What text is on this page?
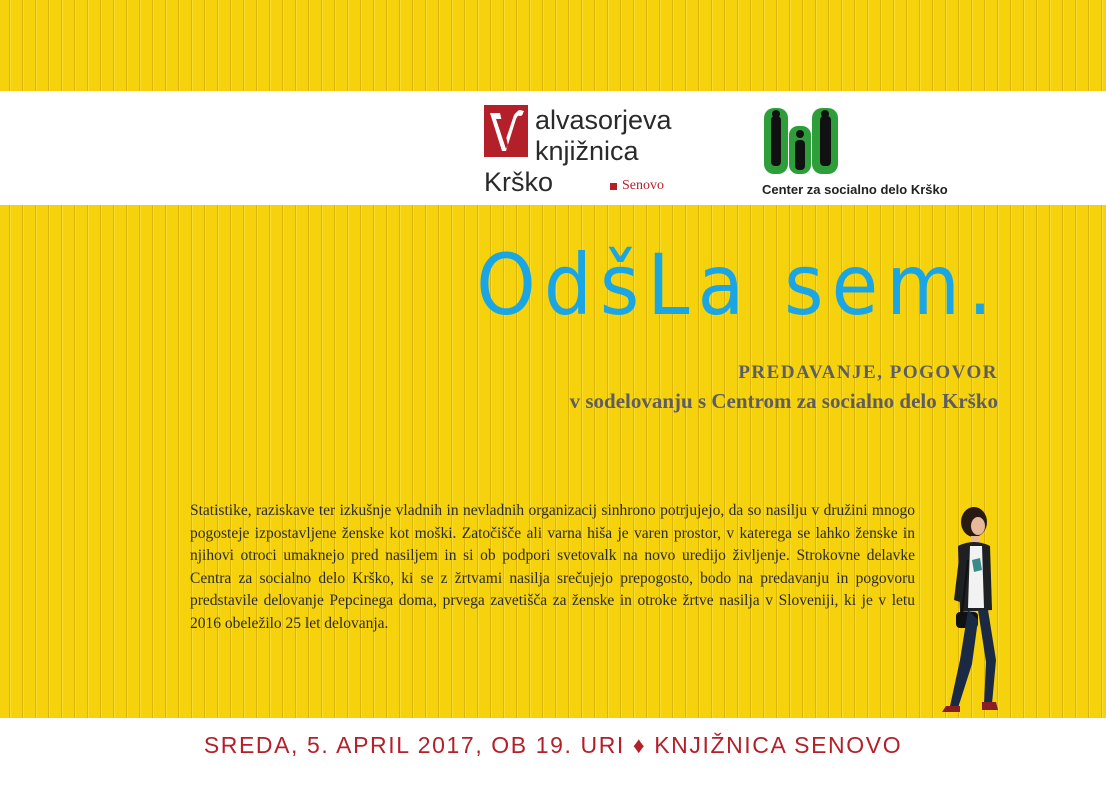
alvasorjeva
knjižnica
Krško	Senovo	Center za socialno delo Krško
OdšLa sem.
PREDAVANJE, POGOVOR
v sodelovanju s Centrom za socialno delo Krško
Statistike, raziskave ter izkušnje vladnih in nevladnih organizacij sinhrono potrjujejo, da so nasilju v družini mnogo pogosteje izpostavljene ženske kot moški. Zatočišče ali varna hiša je varen prostor, v katerega se lahko ženske in njihovi otroci umaknejo pred nasiljem in si ob podpori svetovalk na novo uredijo življenje. Strokovne delavke Centra za socialno delo Krško, ki se z žrtvami nasilja srečujejo prepogosto, bodo na predavanju in pogovoru predstavile delovanje Pepcinega doma, prvega zavetišča za ženske in otroke žrtve nasilja v Sloveniji, ki je v letu 2016 obeležilo 25 let delovanja.
SREDA, 5. APRIL 2017, OB 19. URI ♦ KNJIŽNICA SENOVO
